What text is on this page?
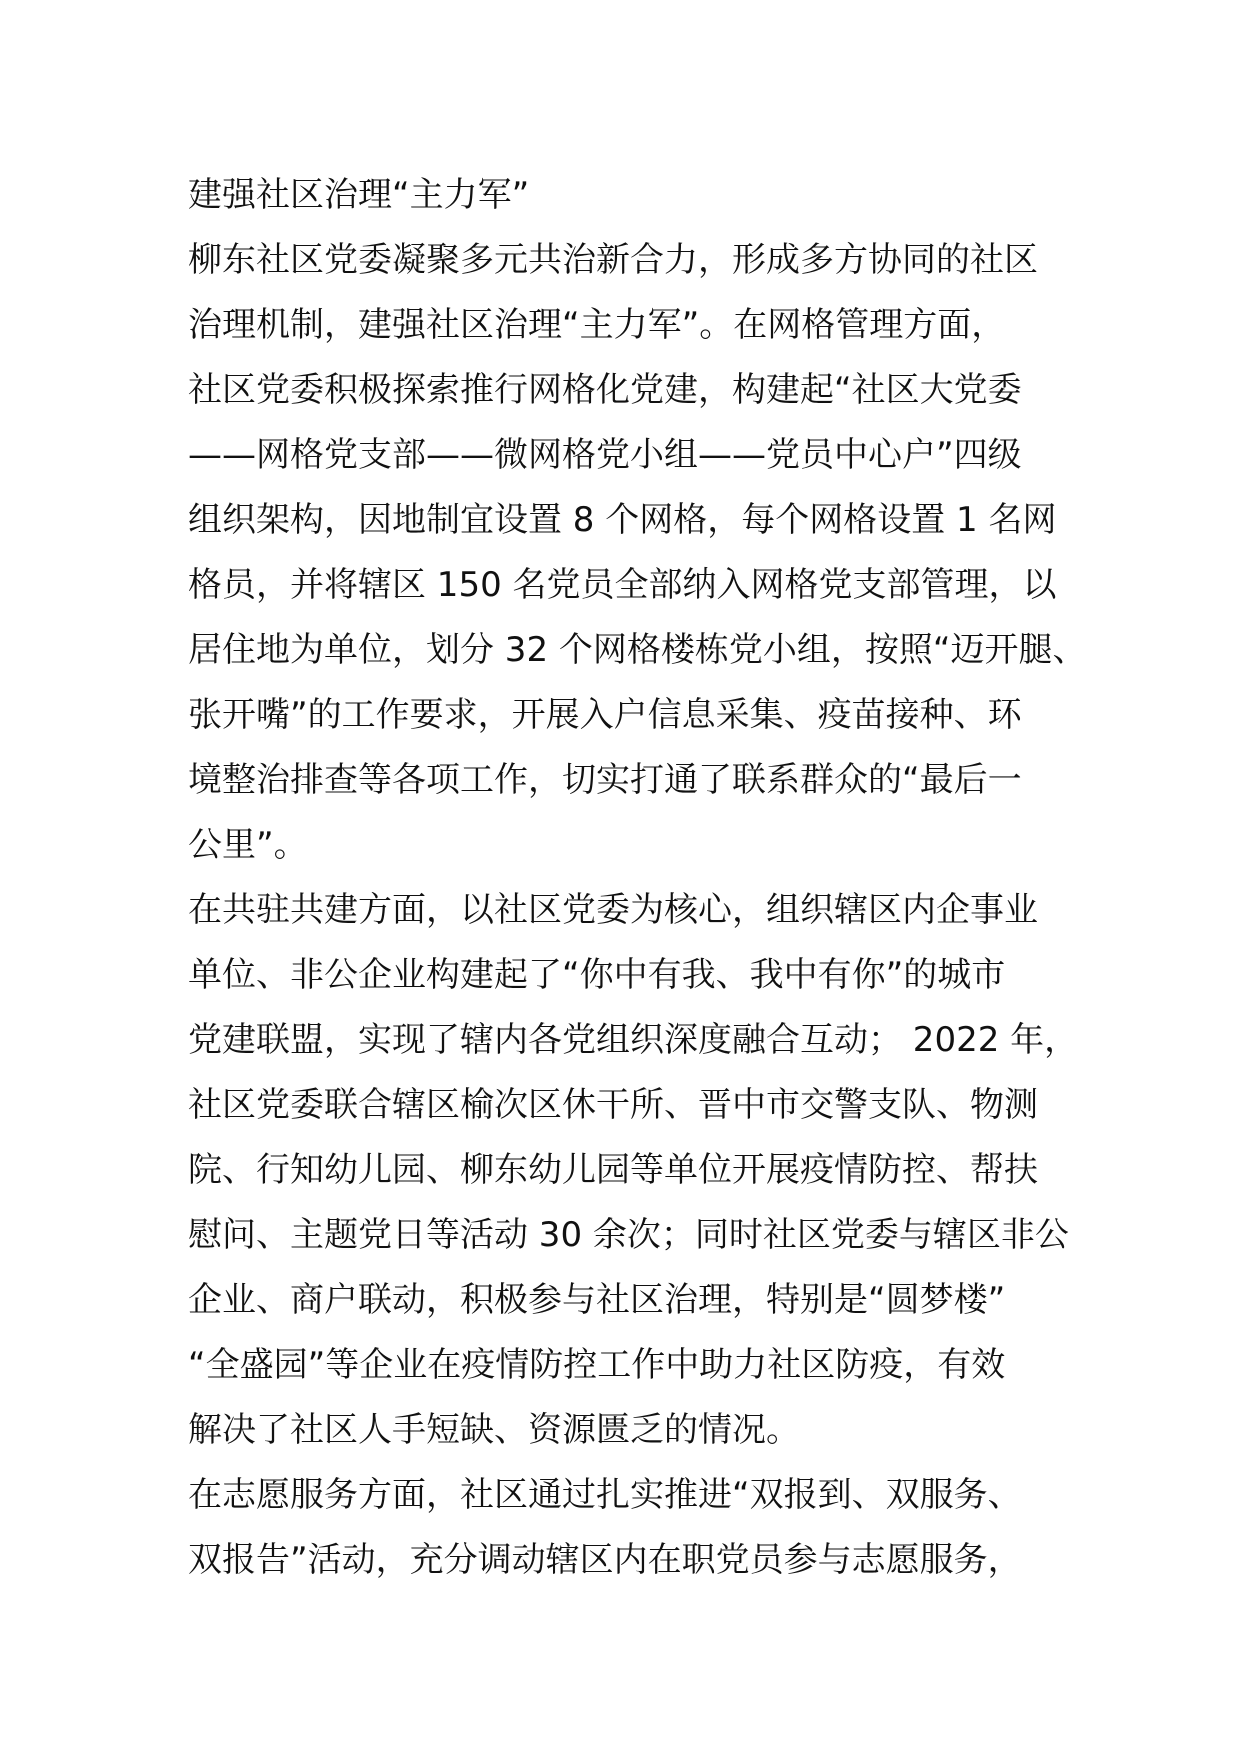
建强社区治理“主力军”
柳东社区党委凝聚多元共治新合力，形成多方协同的社区
治理机制，建强社区治理“主力军”。在网格管理方面，
社区党委积极探索推行网格化党建，构建起“社区大党委
——网格党支部——微网格党小组——党员中心户”四级
组织架构，因地制宜设置 8 个网格，每个网格设置 1 名网
格员，并将辖区 150 名党员全部纳入网格党支部管理，以
居住地为单位，划分 32 个网格楼栋党小组，按照“迈开腿、
张开嘴”的工作要求，开展入户信息采集、疫苗接种、环
境整治排查等各项工作，切实打通了联系群众的“最后一
公里”。
在共驻共建方面，以社区党委为核心，组织辖区内企事业
单位、非公企业构建起了“你中有我、我中有你”的城市
党建联盟，实现了辖内各党组织深度融合互动； 2022 年，
社区党委联合辖区榆次区休干所、晋中市交警支队、物测
院、行知幼儿园、柳东幼儿园等单位开展疫情防控、帮扶
慰问、主题党日等活动 30 余次；同时社区党委与辖区非公
企业、商户联动，积极参与社区治理，特别是“圆梦楼”
“全盛园”等企业在疫情防控工作中助力社区防疫，有效
解决了社区人手短缺、资源匮乏的情况。
在志愿服务方面，社区通过扎实推进“双报到、双服务、
双报告”活动，充分调动辖区内在职党员参与志愿服务，
